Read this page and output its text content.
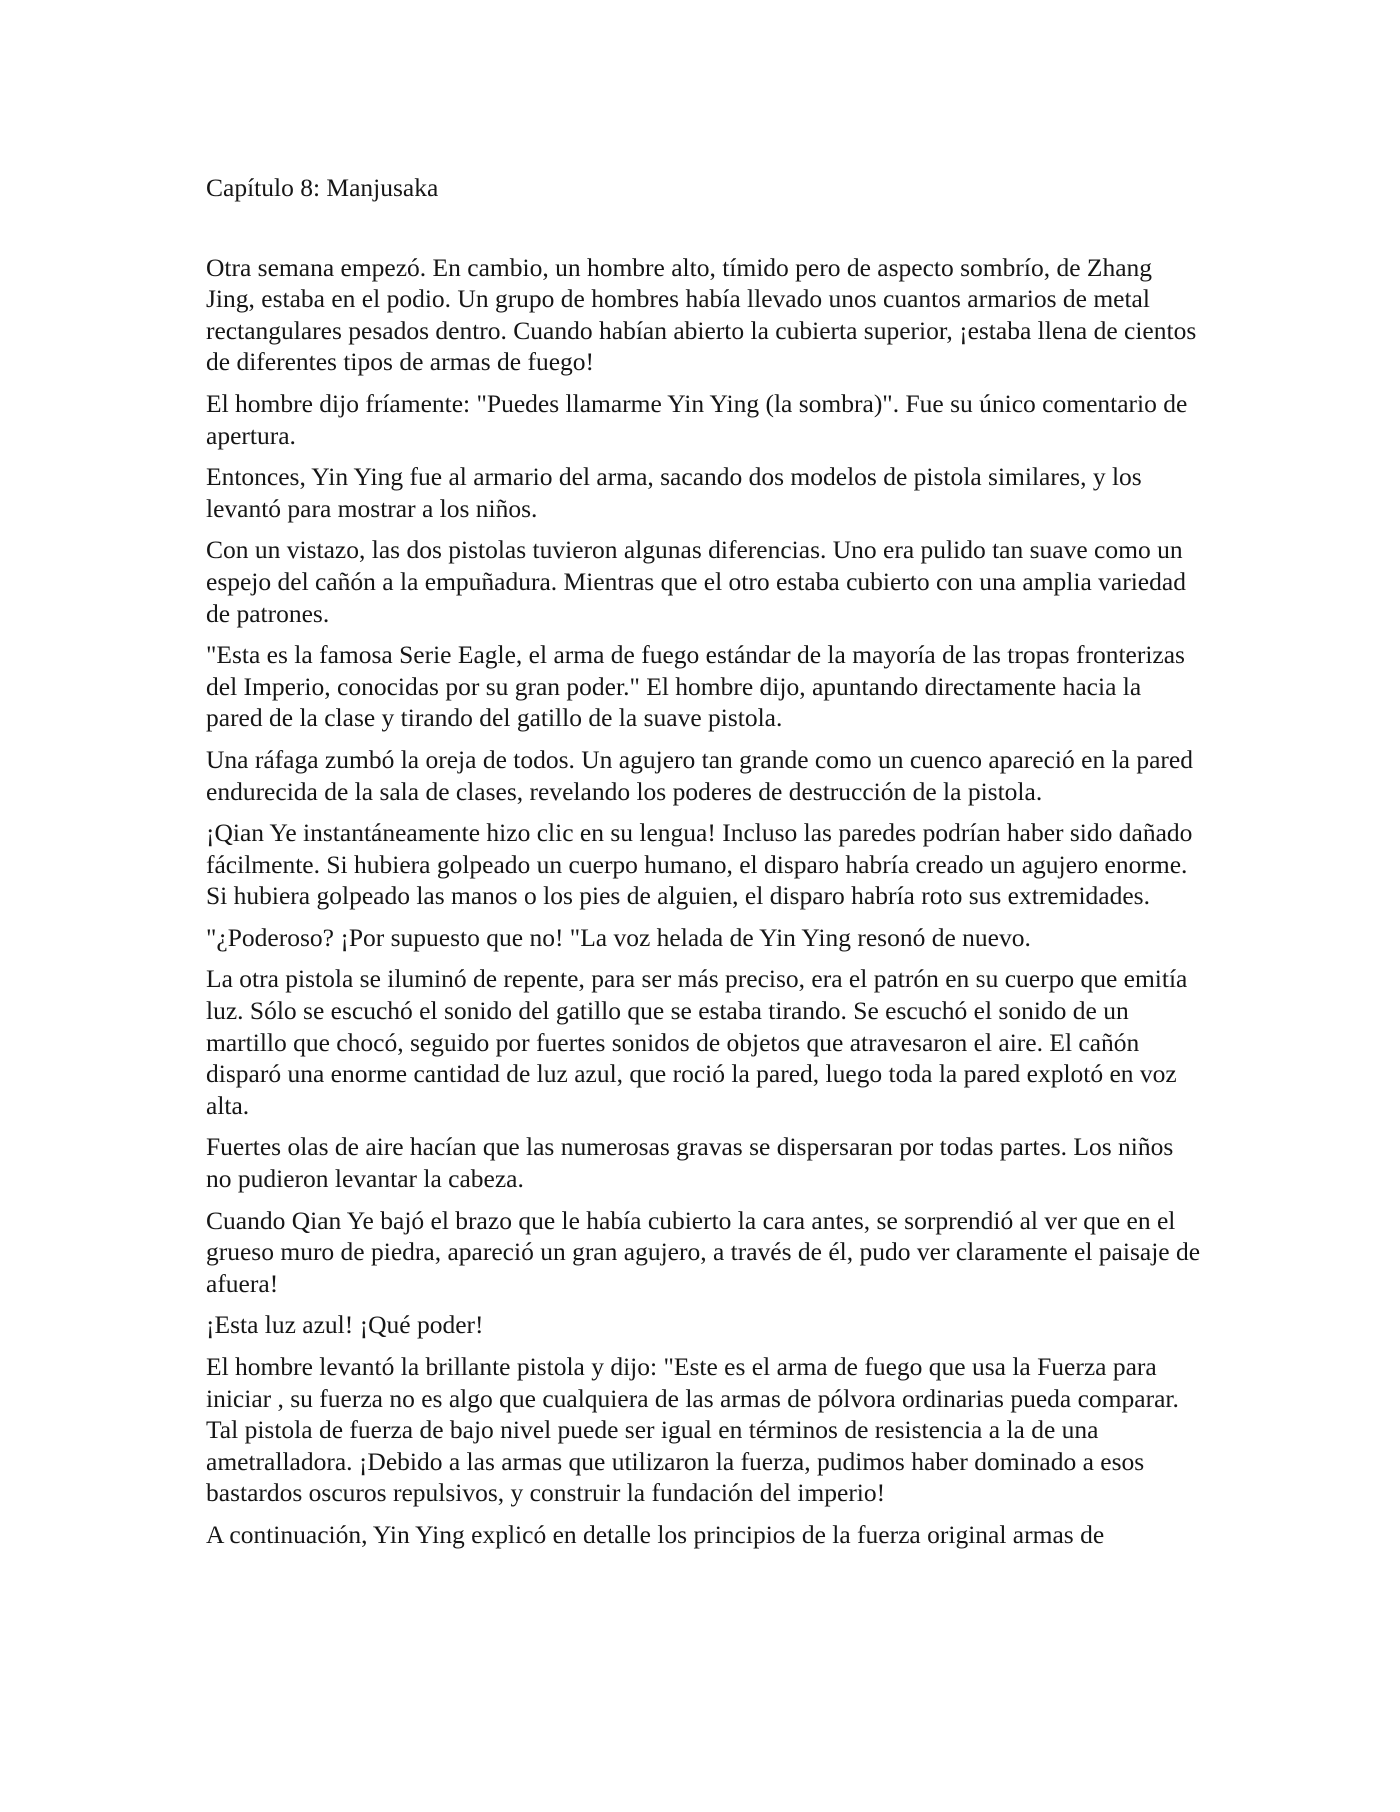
Capítulo 8: Manjusaka

Otra semana empezó. En cambio, un hombre alto, tímido pero de aspecto sombrío, de Zhang Jing, estaba en el podio. Un grupo de hombres había llevado unos cuantos armarios de metal rectangulares pesados dentro. Cuando habían abierto la cubierta superior, ¡estaba llena de cientos de diferentes tipos de armas de fuego!

El hombre dijo fríamente: "Puedes llamarme Yin Ying (la sombra)". Fue su único comentario de apertura.

Entonces, Yin Ying fue al armario del arma, sacando dos modelos de pistola similares, y los levantó para mostrar a los niños.

Con un vistazo, las dos pistolas tuvieron algunas diferencias. Uno era pulido tan suave como un espejo del cañón a la empuñadura. Mientras que el otro estaba cubierto con una amplia variedad de patrones.

"Esta es la famosa Serie Eagle, el arma de fuego estándar de la mayoría de las tropas fronterizas del Imperio, conocidas por su gran poder." El hombre dijo, apuntando directamente hacia la pared de la clase y tirando del gatillo de la suave pistola.

Una ráfaga zumbó la oreja de todos. Un agujero tan grande como un cuenco apareció en la pared endurecida de la sala de clases, revelando los poderes de destrucción de la pistola.

¡Qian Ye instantáneamente hizo clic en su lengua! Incluso las paredes podrían haber sido dañado fácilmente. Si hubiera golpeado un cuerpo humano, el disparo habría creado un agujero enorme. Si hubiera golpeado las manos o los pies de alguien, el disparo habría roto sus extremidades.

"¿Poderoso? ¡Por supuesto que no! "La voz helada de Yin Ying resonó de nuevo.

La otra pistola se iluminó de repente, para ser más preciso, era el patrón en su cuerpo que emitía luz. Sólo se escuchó el sonido del gatillo que se estaba tirando. Se escuchó el sonido de un martillo que chocó, seguido por fuertes sonidos de objetos que atravesaron el aire. El cañón disparó una enorme cantidad de luz azul, que roció la pared, luego toda la pared explotó en voz alta.

Fuertes olas de aire hacían que las numerosas gravas se dispersaran por todas partes. Los niños no pudieron levantar la cabeza.

Cuando Qian Ye bajó el brazo que le había cubierto la cara antes, se sorprendió al ver que en el grueso muro de piedra, apareció un gran agujero, a través de él, pudo ver claramente el paisaje de afuera!

¡Esta luz azul! ¡Qué poder!

El hombre levantó la brillante pistola y dijo: "Este es el arma de fuego que usa la Fuerza para iniciar , su fuerza no es algo que cualquiera de las armas de pólvora ordinarias pueda comparar. Tal pistola de fuerza de bajo nivel puede ser igual en términos de resistencia a la de una ametralladora. ¡Debido a las armas que utilizaron la fuerza, pudimos haber dominado a esos bastardos oscuros repulsivos, y construir la fundación del imperio!

A continuación, Yin Ying explicó en detalle los principios de la fuerza original armas de
